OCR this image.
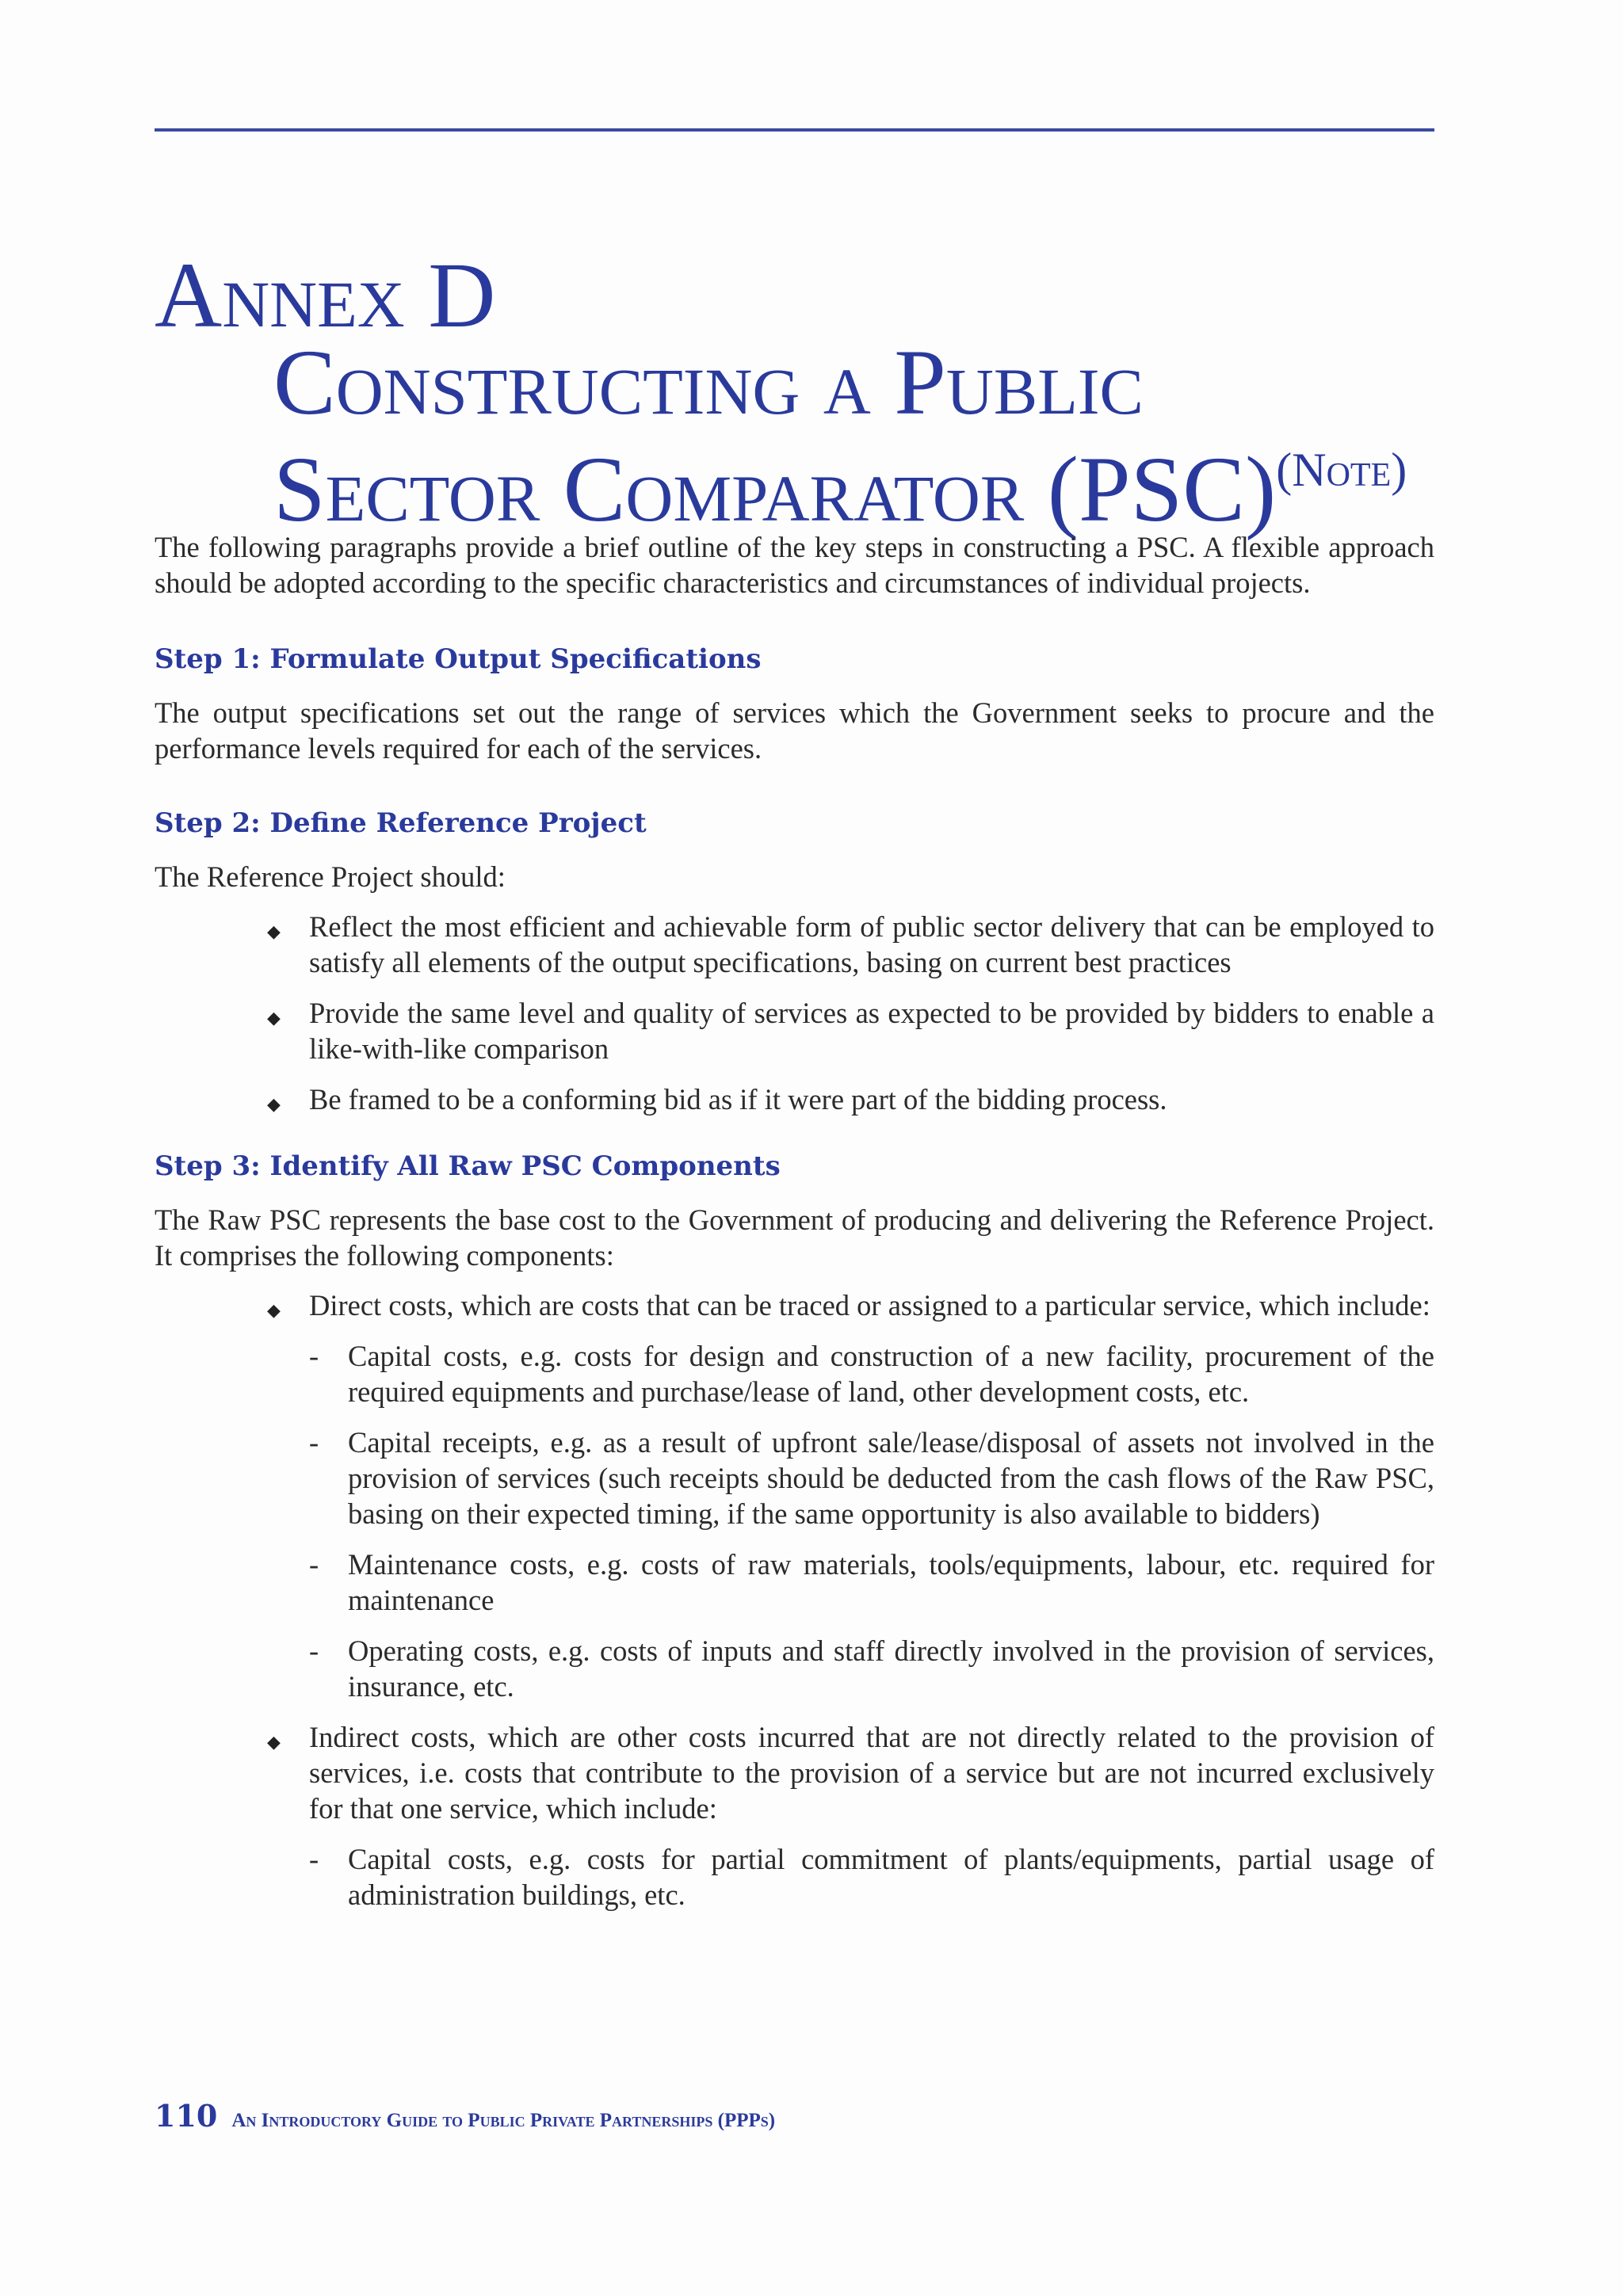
Annex D
Constructing a Public
Sector Comparator (PSC)$^{(Note)}$

The following paragraphs provide a brief outline of the key steps in constructing a PSC. A flexible approach should be adopted according to the specific characteristics and circumstances of individual projects.

Step 1: Formulate Output Specifications

The output specifications set out the range of services which the Government seeks to procure and the performance levels required for each of the services.

Step 2: Define Reference Project

The Reference Project should:

◆ Reflect the most efficient and achievable form of public sector delivery that can be employed to satisfy all elements of the output specifications, basing on current best practices
◆ Provide the same level and quality of services as expected to be provided by bidders to enable a like-with-like comparison
◆ Be framed to be a conforming bid as if it were part of the bidding process.
Step 3: Identify All Raw PSC Components

The Raw PSC represents the base cost to the Government of producing and delivering the Reference Project. It comprises the following components:

◆ Direct costs, which are costs that can be traced or assigned to a particular service, which include:
- Capital costs, e.g. costs for design and construction of a new facility, procurement of the required equipments and purchase/lease of land, other development costs, etc.
- Capital receipts, e.g. as a result of upfront sale/lease/disposal of assets not involved in the provision of services (such receipts should be deducted from the cash flows of the Raw PSC, basing on their expected timing, if the same opportunity is also available to bidders)
- Maintenance costs, e.g. costs of raw materials, tools/equipments, labour, etc. required for maintenance
- Operating costs, e.g. costs of inputs and staff directly involved in the provision of services, insurance, etc.
◆ Indirect costs, which are other costs incurred that are not directly related to the provision of services, i.e. costs that contribute to the provision of a service but are not incurred exclusively for that one service, which include:
- Capital costs, e.g. costs for partial commitment of plants/equipments, partial usage of administration buildings, etc.
110 An Introductory Guide to Public Private Partnerships (PPPs)
